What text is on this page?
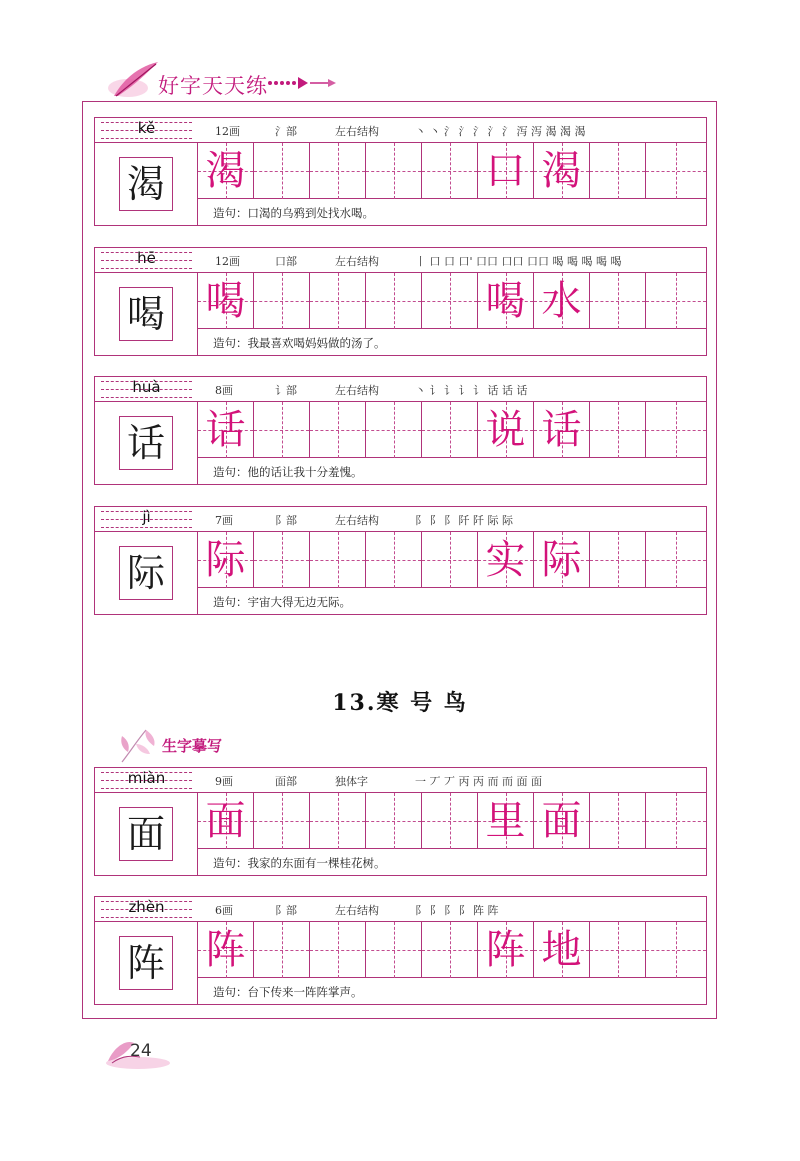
好字天天练
kě	12画	氵部	左右结构	丶 丶 氵 氵 氵 氵 氵 泻 泻 渴 渴 渴
渴 渴	口 渴
造句：口渴的乌鸦到处找水喝。
hē	12画	口部	左右结构	丨 口 口 口' 口口 口口 口口 喝 喝 喝 喝 喝
喝 喝	喝 水
造句：我最喜欢喝妈妈做的汤了。
huà	8画	讠部	左右结构	丶 讠 讠 讠 讠 话 话 话
话 话	说 话
造句：他的话让我十分羞愧。
jì	7画	阝部	左右结构	阝 阝 阝 阡 阡 际 际
际 际	实 际
造句：宇宙大得无边无际。
miàn	9画	面部	独体字	一 丆 丆 丙 丙 而 而 面 面
面 面	里 面
造句：我家的东面有一棵桂花树。
zhèn	6画	阝部	左右结构	阝 阝 阝 阝 阵 阵
阵 阵	阵 地
造句：台下传来一阵阵掌声。
13.寒 号 鸟
生字摹写
24
